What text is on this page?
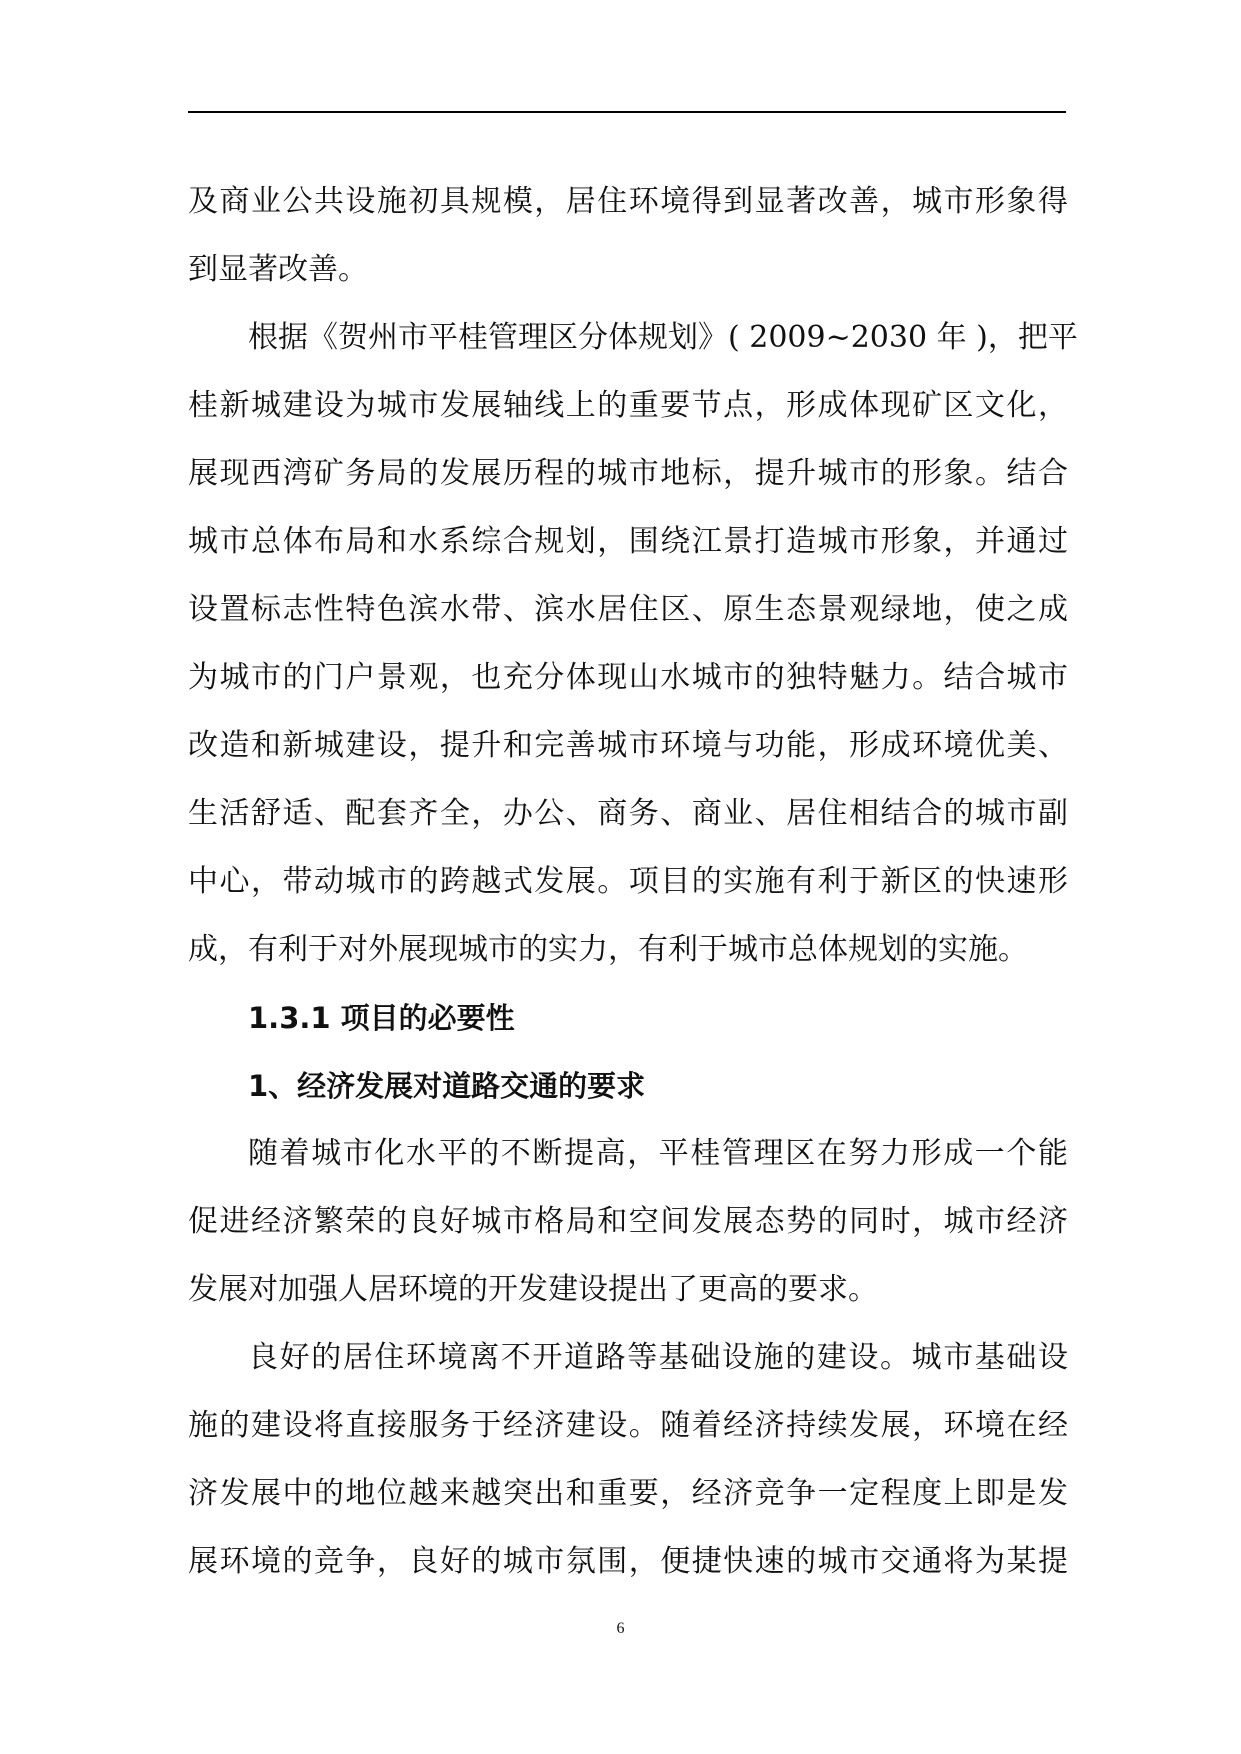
及商业公共设施初具规模，居住环境得到显著改善，城市形象得
到显著改善。
根据《贺州市平桂管理区分体规划》( 2009~2030 年 )，把平
桂新城建设为城市发展轴线上的重要节点，形成体现矿区文化，
展现西湾矿务局的发展历程的城市地标，提升城市的形象。结合
城市总体布局和水系综合规划，围绕江景打造城市形象，并通过
设置标志性特色滨水带、滨水居住区、原生态景观绿地，使之成
为城市的门户景观，也充分体现山水城市的独特魅力。结合城市
改造和新城建设，提升和完善城市环境与功能，形成环境优美、
生活舒适、配套齐全，办公、商务、商业、居住相结合的城市副
中心，带动城市的跨越式发展。项目的实施有利于新区的快速形
成，有利于对外展现城市的实力，有利于城市总体规划的实施。
1.3.1 项目的必要性
1、经济发展对道路交通的要求
随着城市化水平的不断提高，平桂管理区在努力形成一个能
促进经济繁荣的良好城市格局和空间发展态势的同时，城市经济
发展对加强人居环境的开发建设提出了更高的要求。
良好的居住环境离不开道路等基础设施的建设。城市基础设
施的建设将直接服务于经济建设。随着经济持续发展，环境在经
济发展中的地位越来越突出和重要，经济竞争一定程度上即是发
展环境的竞争，良好的城市氛围，便捷快速的城市交通将为某提
6
